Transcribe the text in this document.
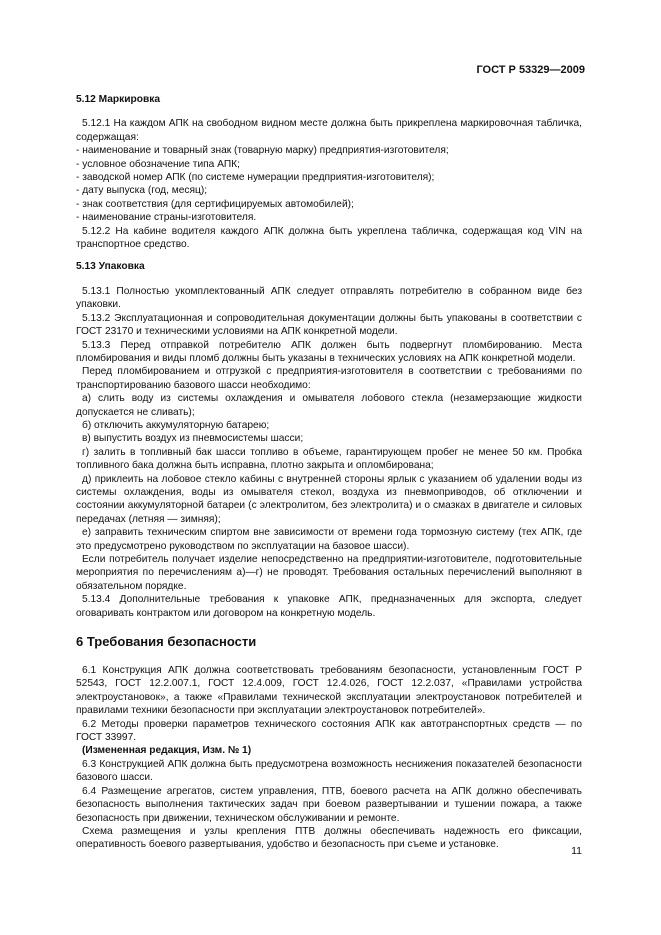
ГОСТ Р 53329—2009

5.12 Маркировка

5.12.1 На каждом АПК на свободном видном месте должна быть прикреплена маркировочная табличка, содержащая:

- наименование и товарный знак (товарную марку) предприятия-изготовителя;

- условное обозначение типа АПК;

- заводской номер АПК (по системе нумерации предприятия-изготовителя);

- дату выпуска (год, месяц);

- знак соответствия (для сертифицируемых автомобилей);

- наименование страны-изготовителя.

5.12.2 На кабине водителя каждого АПК должна быть укреплена табличка, содержащая код VIN на транспортное средство.

5.13 Упаковка

5.13.1 Полностью укомплектованный АПК следует отправлять потребителю в собранном виде без упаковки.

5.13.2 Эксплуатационная и сопроводительная документации должны быть упакованы в соответствии с ГОСТ 23170 и техническими условиями на АПК конкретной модели.

5.13.3 Перед отправкой потребителю АПК должен быть подвергнут пломбированию. Места пломбирования и виды пломб должны быть указаны в технических условиях на АПК конкретной модели.

Перед пломбированием и отгрузкой с предприятия-изготовителя в соответствии с требованиями по транспортированию базового шасси необходимо:

а) слить воду из системы охлаждения и омывателя лобового стекла (незамерзающие жидкости допускается не сливать);

б) отключить аккумуляторную батарею;

в) выпустить воздух из пневмосистемы шасси;

г) залить в топливный бак шасси топливо в объеме, гарантирующем пробег не менее 50 км. Пробка топливного бака должна быть исправна, плотно закрыта и опломбирована;

д) приклеить на лобовое стекло кабины с внутренней стороны ярлык с указанием об удалении воды из системы охлаждения, воды из омывателя стекол, воздуха из пневмоприводов, об отключении и состоянии аккумуляторной батареи (с электролитом, без электролита) и о смазках в двигателе и силовых передачах (летняя — зимняя);

е) заправить техническим спиртом вне зависимости от времени года тормозную систему (тех АПК, где это предусмотрено руководством по эксплуатации на базовое шасси).

Если потребитель получает изделие непосредственно на предприятии-изготовителе, подготовительные мероприятия по перечислениям а)—г) не проводят. Требования остальных перечислений выполняют в обязательном порядке.

5.13.4 Дополнительные требования к упаковке АПК, предназначенных для экспорта, следует оговаривать контрактом или договором на конкретную модель.

6 Требования безопасности

6.1 Конструкция АПК должна соответствовать требованиям безопасности, установленным ГОСТ Р 52543, ГОСТ 12.2.007.1, ГОСТ 12.4.009, ГОСТ 12.4.026, ГОСТ 12.2.037, «Правилами устройства электроустановок», а также «Правилами технической эксплуатации электроустановок потребителей и правилами техники безопасности при эксплуатации электроустановок потребителей».

6.2 Методы проверки параметров технического состояния АПК как автотранспортных средств — по ГОСТ 33997.

(Измененная редакция, Изм. № 1)

6.3 Конструкцией АПК должна быть предусмотрена возможность неснижения показателей безопасности базового шасси.

6.4 Размещение агрегатов, систем управления, ПТВ, боевого расчета на АПК должно обеспечивать безопасность выполнения тактических задач при боевом развертывании и тушении пожара, а также безопасность при движении, техническом обслуживании и ремонте.

Схема размещения и узлы крепления ПТВ должны обеспечивать надежность его фиксации, оперативность боевого развертывания, удобство и безопасность при съеме и установке.

11
